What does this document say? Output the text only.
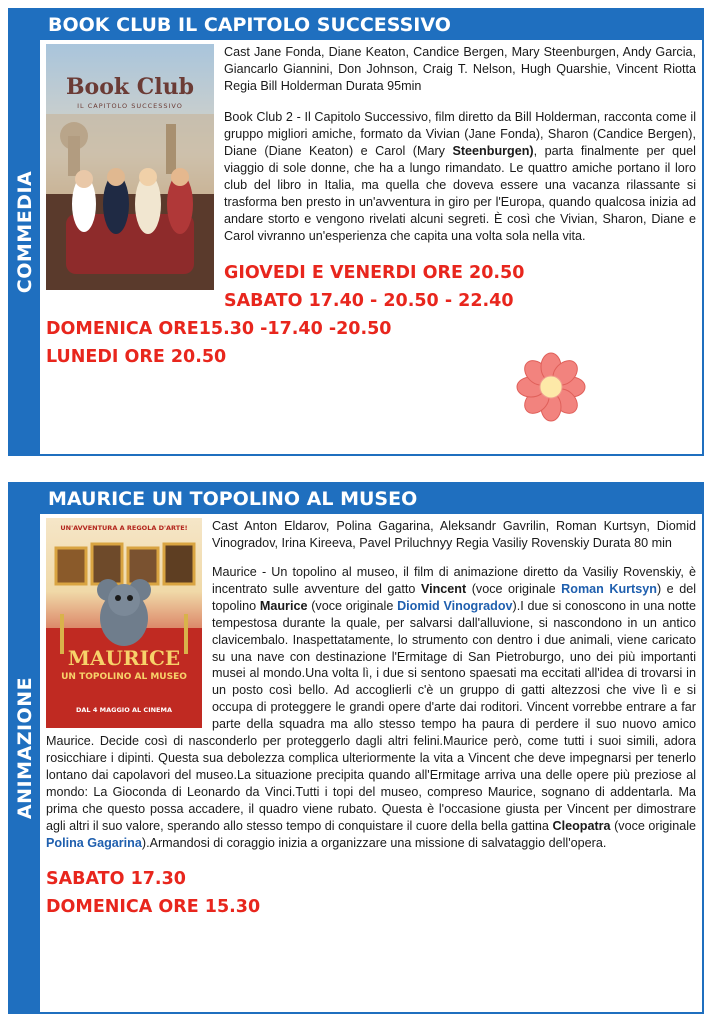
COMMEDIA
BOOK CLUB IL CAPITOLO SUCCESSIVO
Book Club
IL CAPITOLO SUCCESSIVO

Cast Jane Fonda, Diane Keaton, Candice Bergen, Mary Steenburgen, Andy Garcia, Giancarlo Giannini, Don Johnson, Craig T. Nelson, Hugh Quarshie, Vincent Riotta Regia Bill Holderman Durata 95min

Book Club 2 - Il Capitolo Successivo, film diretto da Bill Holderman, racconta come il gruppo migliori amiche, formato da Vivian (Jane Fonda), Sharon (Candice Bergen), Diane (Diane Keaton) e Carol (Mary Steenburgen), parta finalmente per quel viaggio di sole donne, che ha a lungo rimandato. Le quattro amiche portano il loro club del libro in Italia, ma quella che doveva essere una vacanza rilassante si trasforma ben presto in un'avventura in giro per l'Europa, quando qualcosa inizia ad andare storto e vengono rivelati alcuni segreti. È così che Vivian, Sharon, Diane e Carol vivranno un'esperienza che capita una volta sola nella vita.

GIOVEDI E VENERDI ORE 20.50
SABATO 17.40 - 20.50 - 22.40
DOMENICA ORE15.30 -17.40 -20.50
LUNEDI ORE 20.50
ANIMAZIONE
MAURICE UN TOPOLINO AL MUSEO
UN'AVVENTURA A REGOLA D'ARTE!
MAURICE
UN TOPOLINO AL MUSEO
DAL 4 MAGGIO AL CINEMA

Cast Anton Eldarov, Polina Gagarina, Aleksandr Gavrilin, Roman Kurtsyn, Diomid Vinogradov, Irina Kireeva, Pavel Priluchnyy Regia Vasiliy Rovenskiy Durata 80 min

Maurice - Un topolino al museo, il film di animazione diretto da Vasiliy Rovenskiy, è incentrato sulle avventure del gatto Vincent (voce originale Roman Kurtsyn) e del topolino Maurice (voce originale Diomid Vinogradov).I due si conoscono in una notte tempestosa durante la quale, per salvarsi dall'alluvione, si nascondono in un antico clavicembalo. Inaspettatamente, lo strumento con dentro i due animali, viene caricato su una nave con destinazione l'Ermitage di San Pietroburgo, uno dei più importanti musei al mondo.Una volta lì, i due si sentono spaesati ma eccitati all'idea di trovarsi in un posto così bello. Ad accoglierli c'è un gruppo di gatti altezzosi che vive lì e si occupa di proteggere le grandi opere d'arte dai roditori. Vincent vorrebbe entrare a far parte della squadra ma allo stesso tempo ha paura di perdere il suo nuovo amico Maurice. Decide così di nasconderlo per proteggerlo dagli altri felini.Maurice però, come tutti i suoi simili, adora rosicchiare i dipinti. Questa sua debolezza complica ulteriormente la vita a Vincent che deve impegnarsi per tenerlo lontano dai capolavori del museo.La situazione precipita quando all'Ermitage arriva una delle opere più preziose al mondo: La Gioconda di Leonardo da Vinci.Tutti i topi del museo, compreso Maurice, sognano di addentarla. Ma prima che questo possa accadere, il quadro viene rubato. Questa è l'occasione giusta per Vincent per dimostrare agli altri il suo valore, sperando allo stesso tempo di conquistare il cuore della bella gattina Cleopatra (voce originale Polina Gagarina).Armandosi di coraggio inizia a organizzare una missione di salvataggio dell'opera.

SABATO 17.30
DOMENICA ORE 15.30
